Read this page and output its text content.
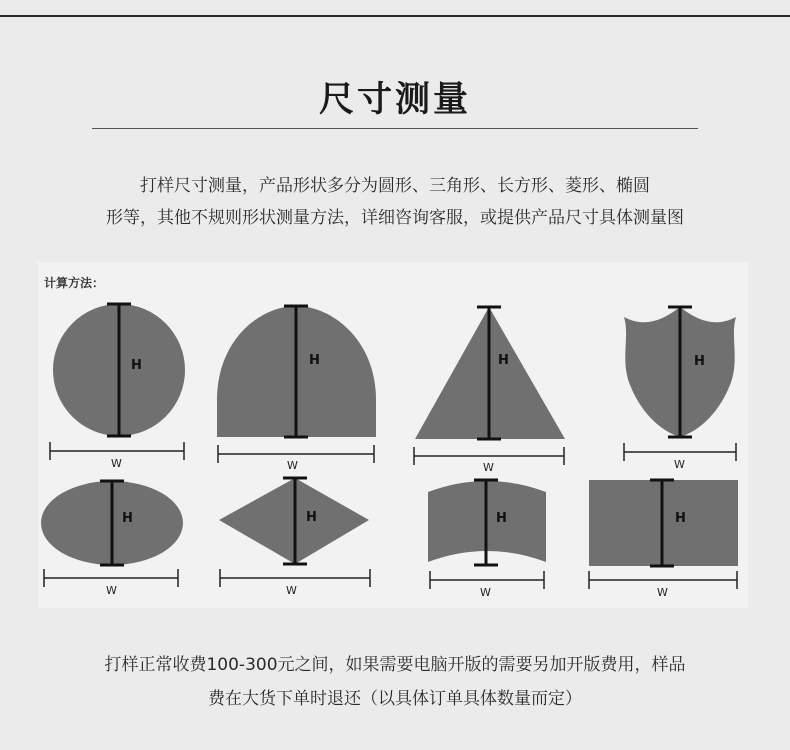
尺寸测量

打样尺寸测量，产品形状多分为圆形、三角形、长方形、菱形、椭圆

形等，其他不规则形状测量方法，详细咨询客服，或提供产品尺寸具体测量图

H	H	H	H
H	H	H	H
W	W	W	W
W	W	W	W
计算方法：

打样正常收费100-300元之间，如果需要电脑开版的需要另加开版费用，样品

费在大货下单时退还（以具体订单具体数量而定）
